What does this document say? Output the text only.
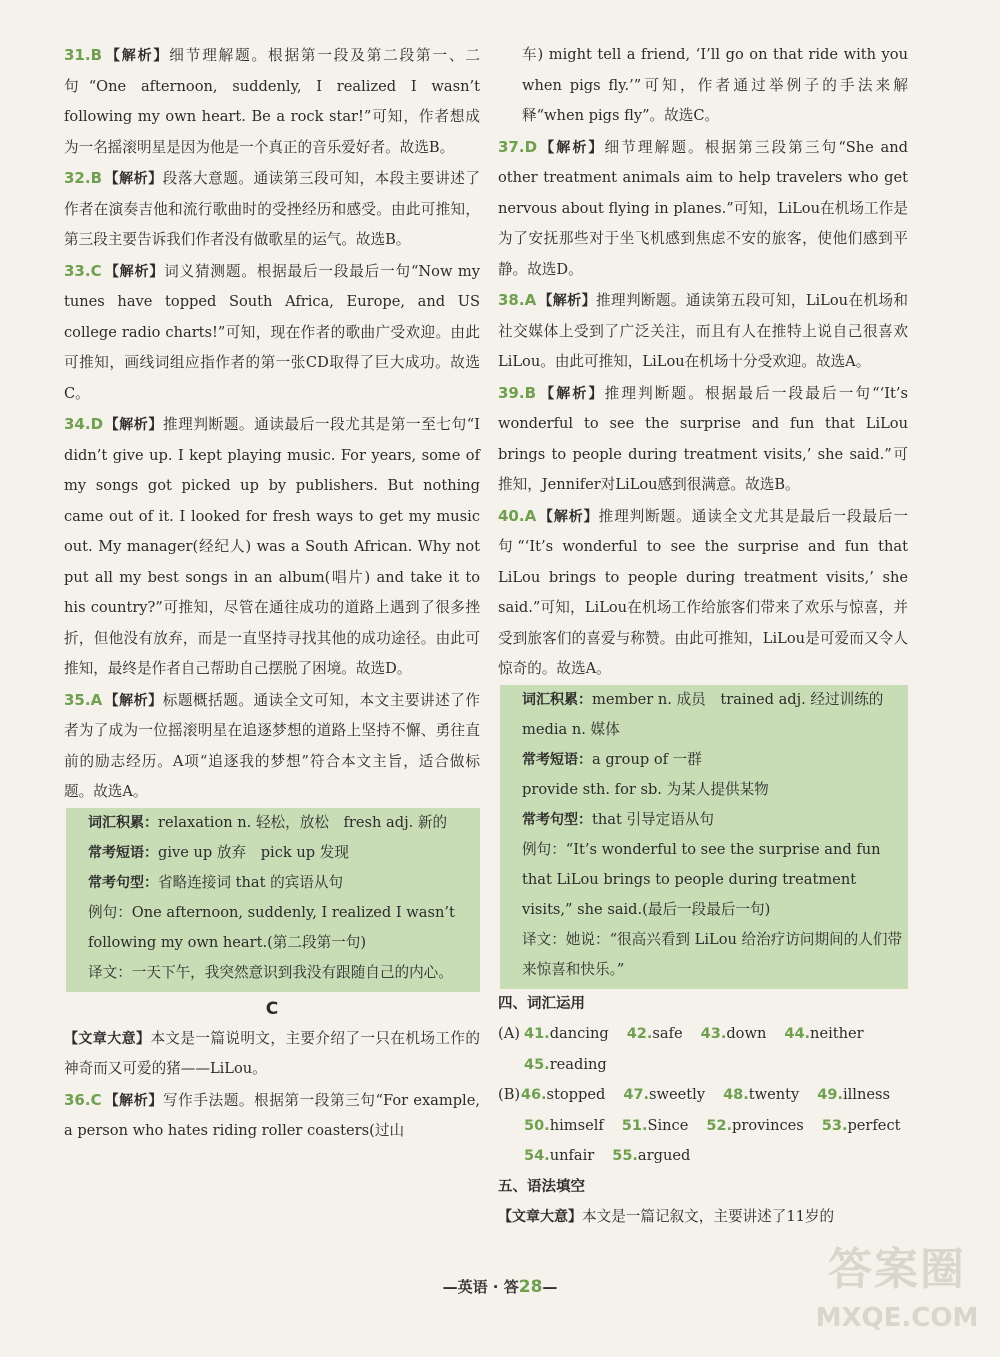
31.B 【解析】细节理解题。根据第一段及第二段第一、二句“One afternoon, suddenly, I realized I wasn’t following my own heart. Be a rock star!”可知，作者想成为一名摇滚明星是因为他是一个真正的音乐爱好者。故选B。
32.B 【解析】段落大意题。通读第三段可知，本段主要讲述了作者在演奏吉他和流行歌曲时的受挫经历和感受。由此可推知，第三段主要告诉我们作者没有做歌星的运气。故选B。
33.C 【解析】词义猜测题。根据最后一段最后一句“Now my tunes have topped South Africa, Europe, and US college radio charts!”可知，现在作者的歌曲广受欢迎。由此可推知，画线词组应指作者的第一张CD取得了巨大成功。故选C。
34.D【解析】推理判断题。通读最后一段尤其是第一至七句“I didn’t give up. I kept playing music. For years, some of my songs got picked up by publishers. But nothing came out of it. I looked for fresh ways to get my music out. My manager(经纪人) was a South African. Why not put all my best songs in an album(唱片) and take it to his country?”可推知，尽管在通往成功的道路上遇到了很多挫折，但他没有放弃，而是一直坚持寻找其他的成功途径。由此可推知，最终是作者自己帮助自己摆脱了困境。故选D。
35.A 【解析】标题概括题。通读全文可知，本文主要讲述了作者为了成为一位摇滚明星在追逐梦想的道路上坚持不懈、勇往直前的励志经历。A项“追逐我的梦想”符合本文主旨，适合做标题。故选A。
词汇积累：relaxation n. 轻松，放松　fresh adj. 新的
常考短语：give up 放弃　pick up 发现
常考句型：省略连接词 that 的宾语从句
例句：One afternoon, suddenly, I realized I wasn’t following my own heart.(第二段第一句)
译文：一天下午，我突然意识到我没有跟随自己的内心。
C
【文章大意】本文是一篇说明文，主要介绍了一只在机场工作的神奇而又可爱的猪——LiLou。
36.C 【解析】写作手法题。根据第一段第三句“For example, a person who hates riding roller coasters(过山
车) might tell a friend, ‘I’ll go on that ride with you when pigs fly.’”可知，作者通过举例子的手法来解释“when pigs fly”。故选C。
37.D【解析】细节理解题。根据第三段第三句“She and other treatment animals aim to help travelers who get nervous about flying in planes.”可知，LiLou在机场工作是为了安抚那些对于坐飞机感到焦虑不安的旅客，使他们感到平静。故选D。
38.A 【解析】推理判断题。通读第五段可知，LiLou在机场和社交媒体上受到了广泛关注，而且有人在推特上说自己很喜欢LiLou。由此可推知，LiLou在机场十分受欢迎。故选A。
39.B 【解析】推理判断题。根据最后一段最后一句“‘It’s wonderful to see the surprise and fun that LiLou brings to people during treatment visits,’ she said.”可推知，Jennifer对LiLou感到很满意。故选B。
40.A 【解析】推理判断题。通读全文尤其是最后一段最后一句“‘It’s wonderful to see the surprise and fun that LiLou brings to people during treatment visits,’ she said.”可知，LiLou在机场工作给旅客们带来了欢乐与惊喜，并受到旅客们的喜爱与称赞。由此可推知，LiLou是可爱而又令人惊奇的。故选A。
词汇积累：member n. 成员　trained adj. 经过训练的　media n. 媒体
常考短语：a group of 一群
provide sth. for sb. 为某人提供某物
常考句型：that 引导定语从句
例句：“It’s wonderful to see the surprise and fun that LiLou brings to people during treatment visits,” she said.(最后一段最后一句)
译文：她说：“很高兴看到 LiLou 给治疗访问期间的人们带来惊喜和快乐。”
四、词汇运用
(A) 41.dancing 42.safe 43.down 44.neither
45.reading
(B) 46.stopped 47.sweetly 48.twenty 49.illness
50.himself 51.Since 52.provinces 53.perfect
54.unfair 55.argued
五、语法填空
【文章大意】本文是一篇记叙文，主要讲述了11岁的
—英语 · 答28—	答案圈
MXQE.COM
